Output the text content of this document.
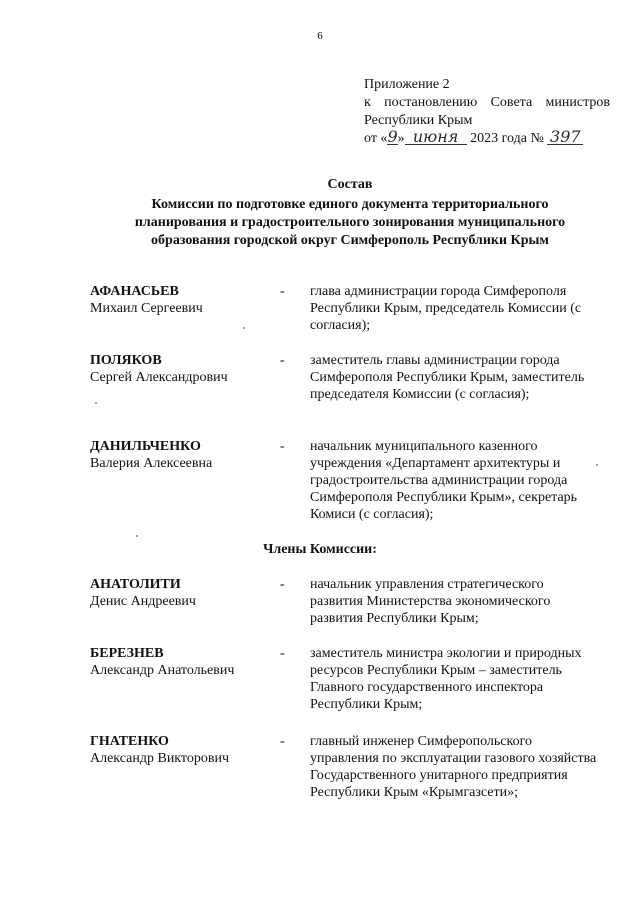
6
Приложение 2
к постановлению Совета министров
Республики Крым
от «9» июня 2023 года № 397
Состав
Комиссии по подготовке единого документа территориального
планирования и градостроительного зонирования муниципального
образования городской округ Симферополь Республики Крым
АФАНАСЬЕВ
Михаил Сергеевич
- глава администрации города Симферополя Республики Крым, председатель Комиссии (с согласия);
ПОЛЯКОВ
Сергей Александрович
- заместитель главы администрации города Симферополя Республики Крым, заместитель председателя Комиссии (с согласия);
ДАНИЛЬЧЕНКО
Валерия Алексеевна
- начальник муниципального казенного учреждения «Департамент архитектуры и градостроительства администрации города Симферополя Республики Крым», секретарь Комиси (с согласия);
Члены Комиссии:
АНАТОЛИТИ
Денис Андреевич
- начальник управления стратегического развития Министерства экономического развития Республики Крым;
БЕРЕЗНЕВ
Александр Анатольевич
- заместитель министра экологии и природных ресурсов Республики Крым – заместитель Главного государственного инспектора Республики Крым;
ГНАТЕНКО
Александр Викторович
- главный инженер Симферопольского управления по эксплуатации газового хозяйства Государственного унитарного предприятия Республики Крым «Крымгазсети»;
